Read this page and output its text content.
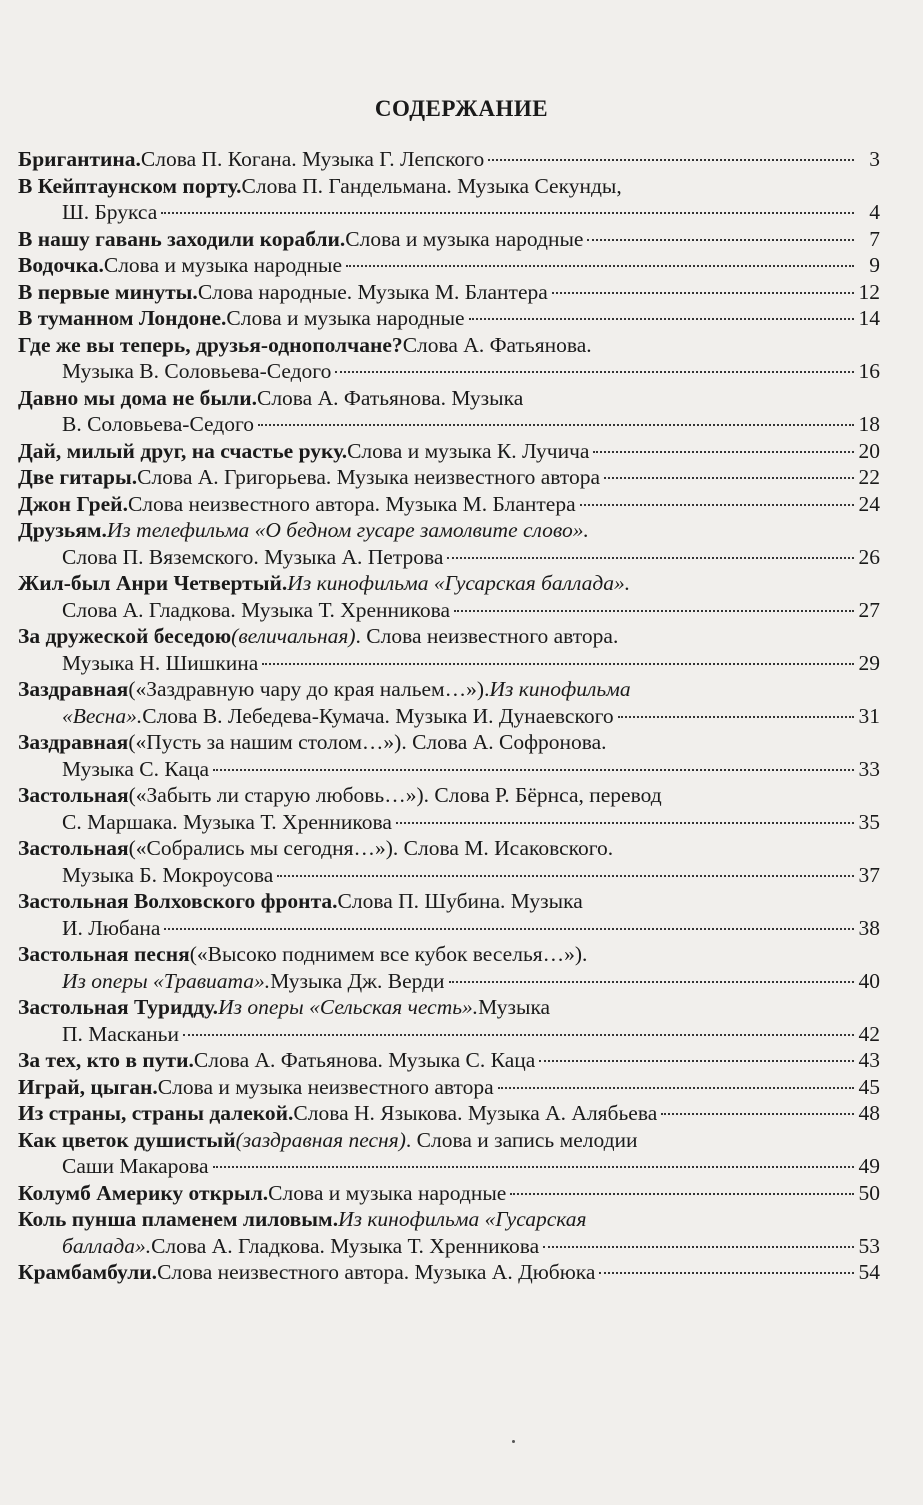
СОДЕРЖАНИЕ
Бригантина. Слова П. Когана. Музыка Г. Лепского	3
В Кейптаунском порту. Слова П. Гандельмана. Музыка Секунды,
Ш. Брукса	4
В нашу гавань заходили корабли. Слова и музыка народные	7
Водочка. Слова и музыка народные	9
В первые минуты. Слова народные. Музыка М. Блантера	12
В туманном Лондоне. Слова и музыка народные	14
Где же вы теперь, друзья-однополчане? Слова А. Фатьянова.
Музыка В. Соловьева-Седого	16
Давно мы дома не были. Слова А. Фатьянова. Музыка
В. Соловьева-Седого	18
Дай, милый друг, на счастье руку. Слова и музыка К. Лучича	20
Две гитары. Слова А. Григорьева. Музыка неизвестного автора	22
Джон Грей. Слова неизвестного автора. Музыка М. Блантера	24
Друзьям. Из телефильма «О бедном гусаре замолвите слово».
Слова П. Вяземского. Музыка А. Петрова	26
Жил-был Анри Четвертый. Из кинофильма «Гусарская баллада».
Слова А. Гладкова. Музыка Т. Хренникова	27
За дружеской беседою (величальная) . Слова неизвестного автора.
Музыка Н. Шишкина	29
Заздравная («Заздравную чару до края нальем…»). Из кинофильма
«Весна». Слова В. Лебедева-Кумача. Музыка И. Дунаевского	31
Заздравная («Пусть за нашим столом…»). Слова А. Софронова.
Музыка С. Каца	33
Застольная («Забыть ли старую любовь…»). Слова Р. Бёрнса, перевод
С. Маршака. Музыка Т. Хренникова	35
Застольная («Собрались мы сегодня…»). Слова М. Исаковского.
Музыка Б. Мокроусова	37
Застольная Волховского фронта. Слова П. Шубина. Музыка
И. Любана	38
Застольная песня («Высоко поднимем все кубок веселья…»).
Из оперы «Травиата». Музыка Дж. Верди	40
Застольная Туридду. Из оперы «Сельская честь». Музыка
П. Масканьи	42
За тех, кто в пути. Слова А. Фатьянова. Музыка С. Каца	43
Играй, цыган. Слова и музыка неизвестного автора	45
Из страны, страны далекой. Слова Н. Языкова. Музыка А. Алябьева	48
Как цветок душистый (заздравная песня) . Слова и запись мелодии
Саши Макарова	49
Колумб Америку открыл. Слова и музыка народные	50
Коль пунша пламенем лиловым. Из кинофильма «Гусарская
баллада». Слова А. Гладкова. Музыка Т. Хренникова	53
Крамбамбули. Слова неизвестного автора. Музыка А. Дюбюка	54
